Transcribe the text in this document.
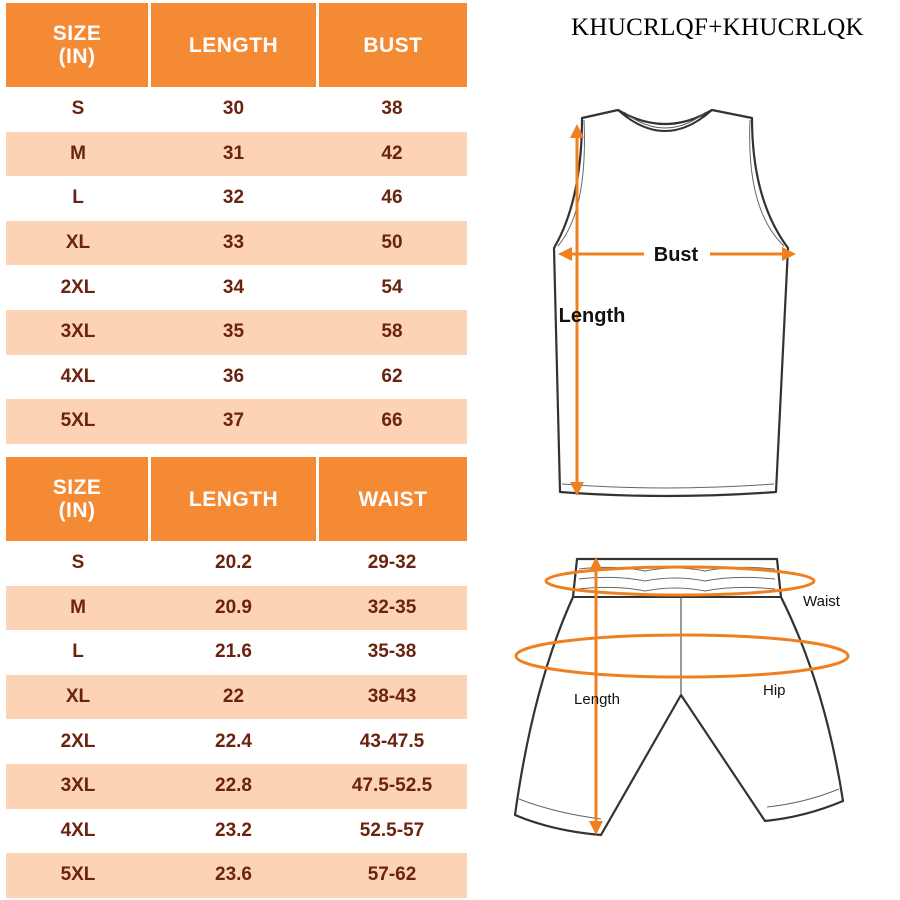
SIZE
(IN)	LENGTH	BUST
S	30	38
M	31	42
L	32	46
XL	33	50
2XL	34	54
3XL	35	58
4XL	36	62
5XL	37	66
SIZE
(IN)	LENGTH	WAIST
S	20.2	29-32
M	20.9	32-35
L	21.6	35-38
XL	22	38-43
2XL	22.4	43-47.5
3XL	22.8	47.5-52.5
4XL	23.2	52.5-57
5XL	23.6	57-62
KHUCRLQF+KHUCRLQK
Bust
Length
Waist
Hip
Length
